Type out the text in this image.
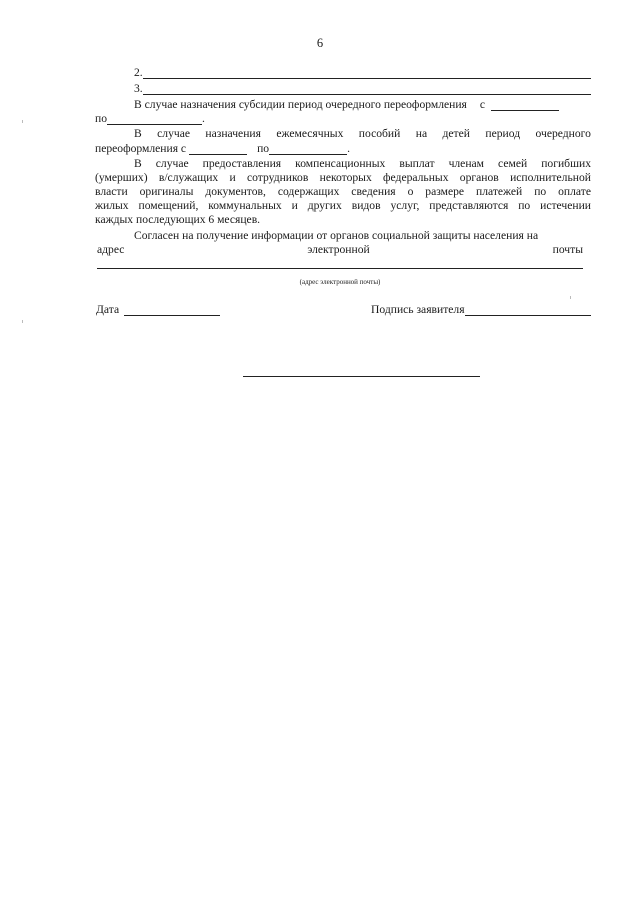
6
2.
3.
В случае назначения субсидии период очередного переоформления с
по	.
В случае назначения ежемесячных пособий на детей период очередного
переоформления с	по	.
В случае предоставления компенсационных выплат членам семей погибших
(умерших) в/служащих и сотрудников некоторых федеральных органов исполнительной
власти оригиналы документов, содержащих сведения о размере платежей по оплате
жилых помещений, коммунальных и других видов услуг, представляются по истечении
каждых последующих 6 месяцев.
Согласен на получение информации от органов социальной защиты населения на
адрес	электронной	почты
(адрес электронной почты)
Дата	Подпись заявителя
